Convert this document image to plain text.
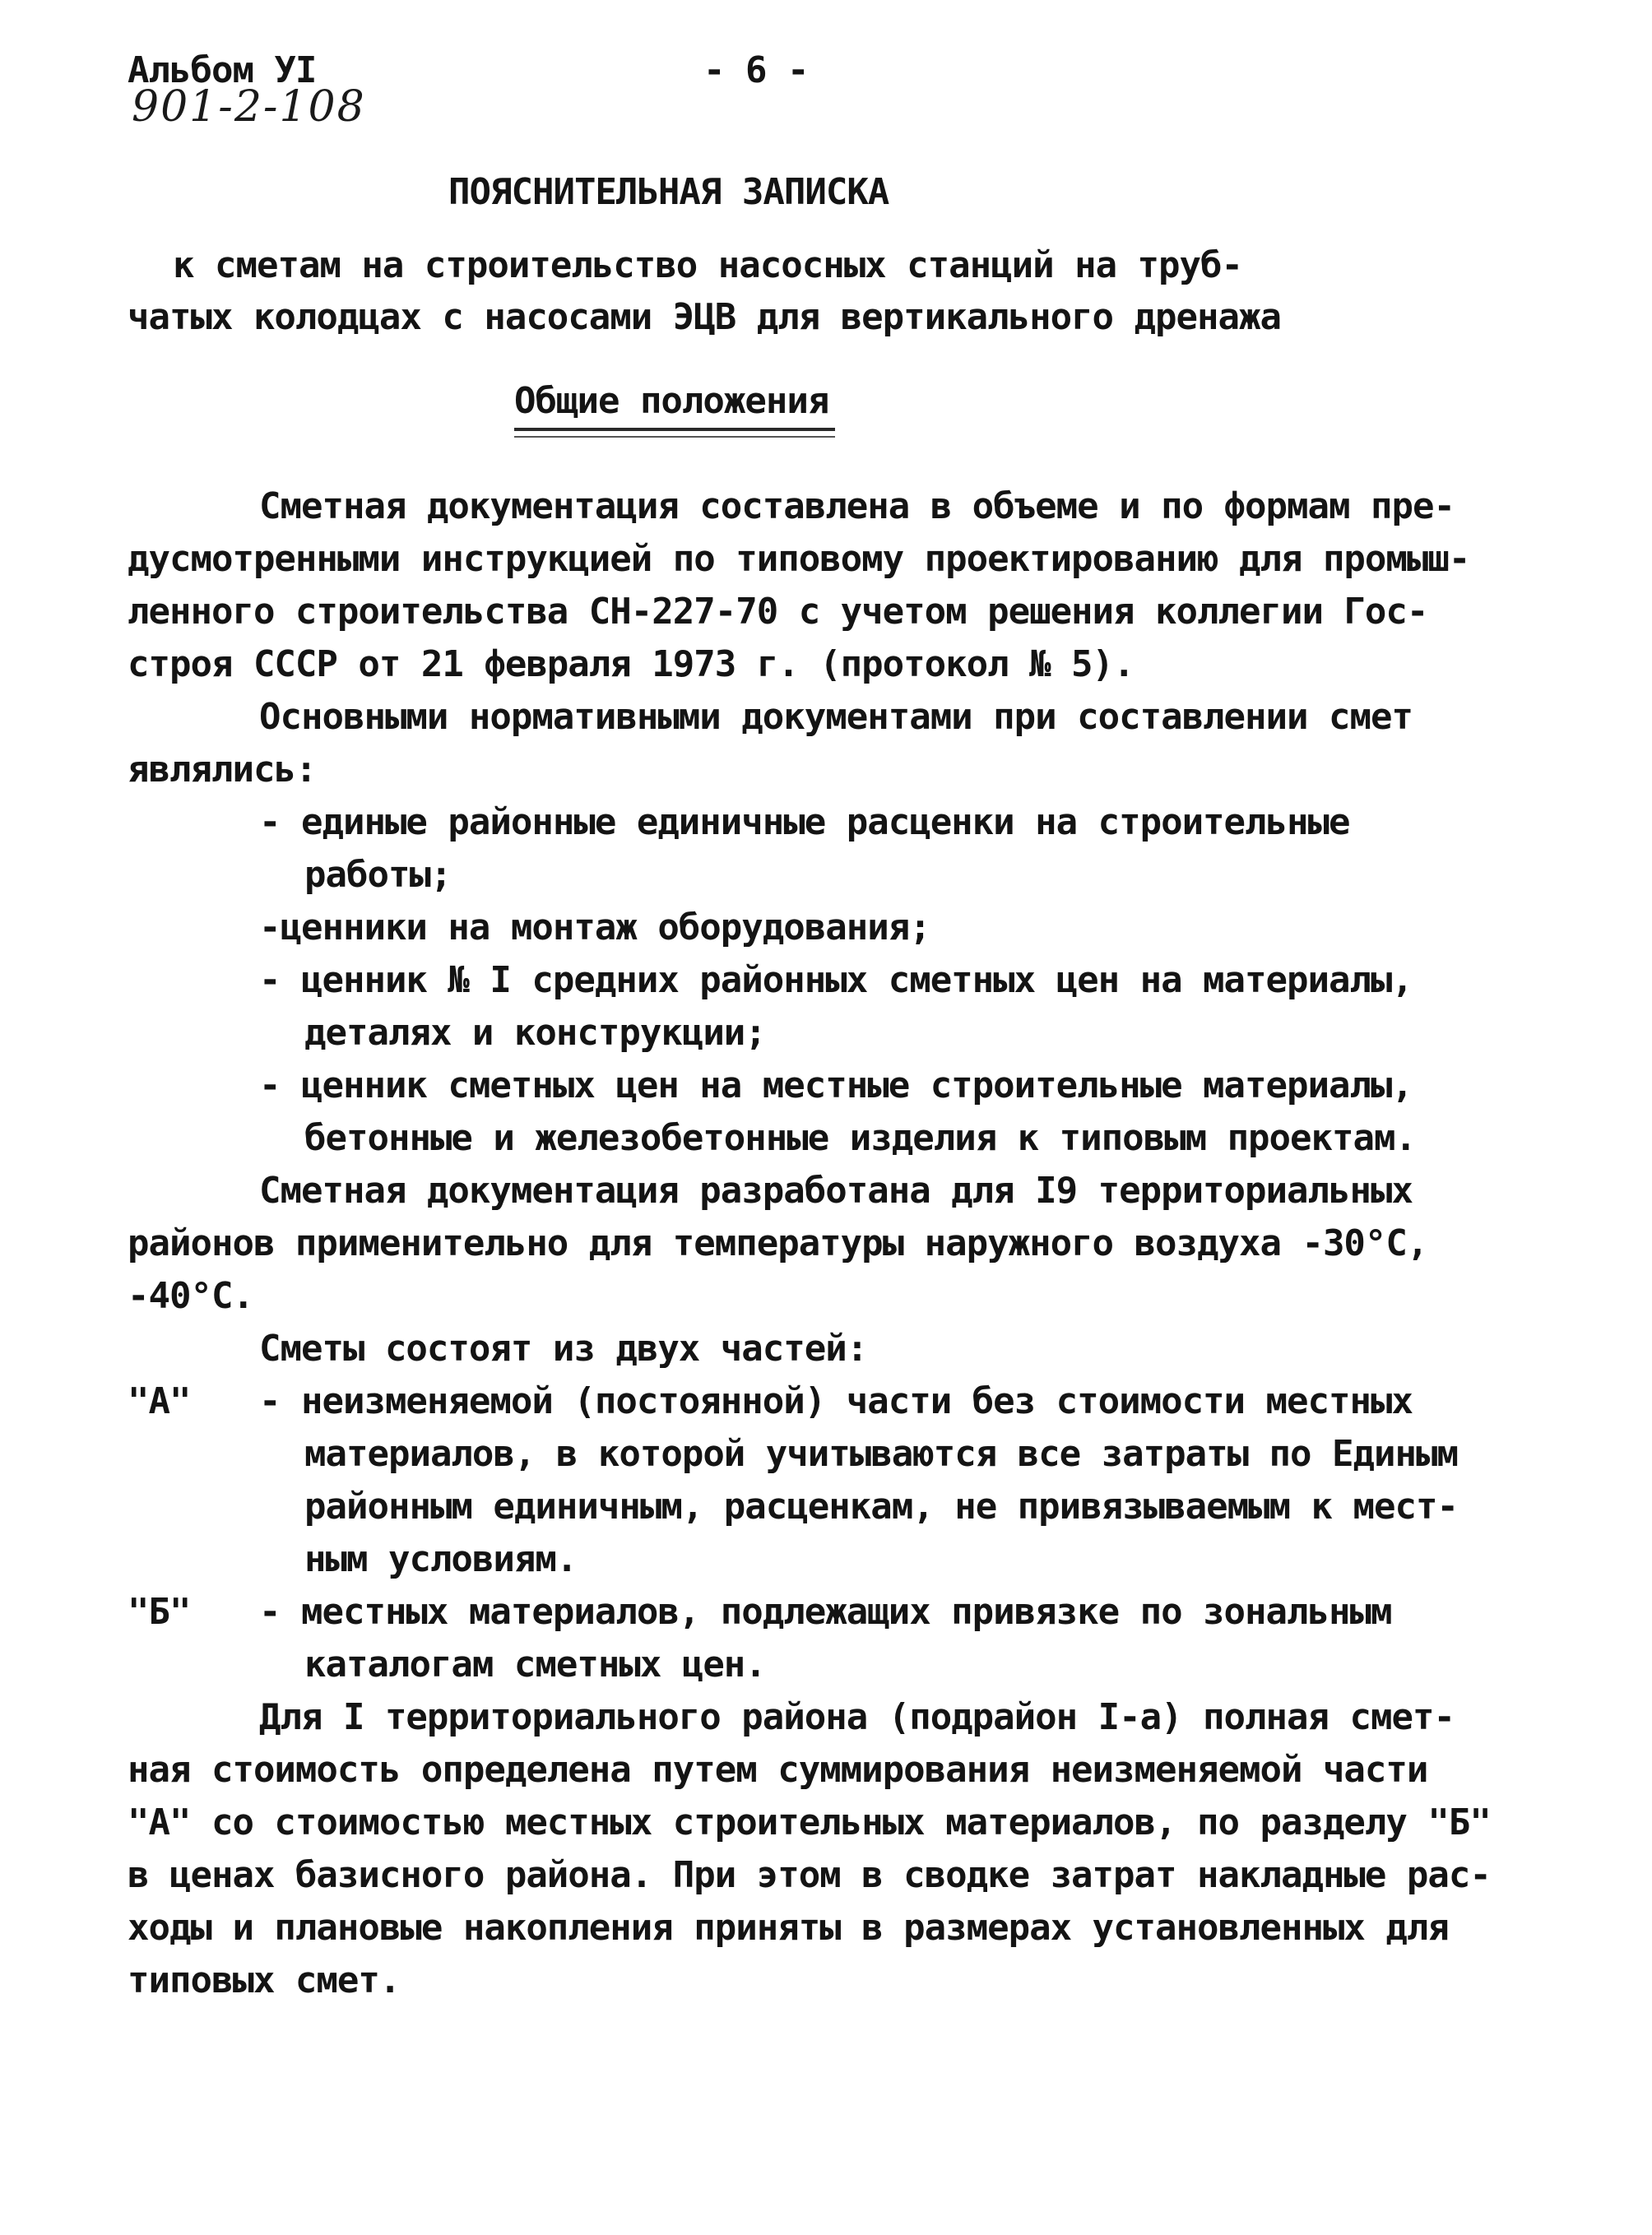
Альбом УI
901-2-108
- 6 -
ПОЯСНИТЕЛЬНАЯ ЗАПИСКА
к сметам на строительство насосных станций на труб-
чатых колодцах с насосами ЭЦВ для вертикального дренажа
Общие положения
Сметная документация составлена в объеме и по формам пре-
дусмотренными инструкцией по типовому проектированию для промыш-
ленного строительства СН-227-70 с учетом решения коллегии Гос-
строя СССР от 21 февраля 1973 г. (протокол № 5).
Основными нормативными документами при составлении смет
являлись:
- единые районные единичные расценки на строительные
работы;
-ценники на монтаж оборудования;
- ценник № I средних районных сметных цен на материалы,
деталях и конструкции;
- ценник сметных цен на местные строительные материалы,
бетонные и железобетонные изделия к типовым проектам.
Сметная документация разработана для I9 территориальных
районов применительно для температуры наружного воздуха -30°С,
-40°С.
Сметы состоят из двух частей:
"А" - неизменяемой (постоянной) части без стоимости местных
материалов, в которой учитываются все затраты по Единым
районным единичным, расценкам, не привязываемым к мест-
ным условиям.
"Б" - местных материалов, подлежащих привязке по зональным
каталогам сметных цен.
Для I территориального района (подрайон I-а) полная смет-
ная стоимость определена путем суммирования неизменяемой части
"А" со стоимостью местных строительных материалов, по разделу "Б"
в ценах базисного района. При этом в сводке затрат накладные рас-
ходы и плановые накопления приняты в размерах установленных для
типовых смет.
